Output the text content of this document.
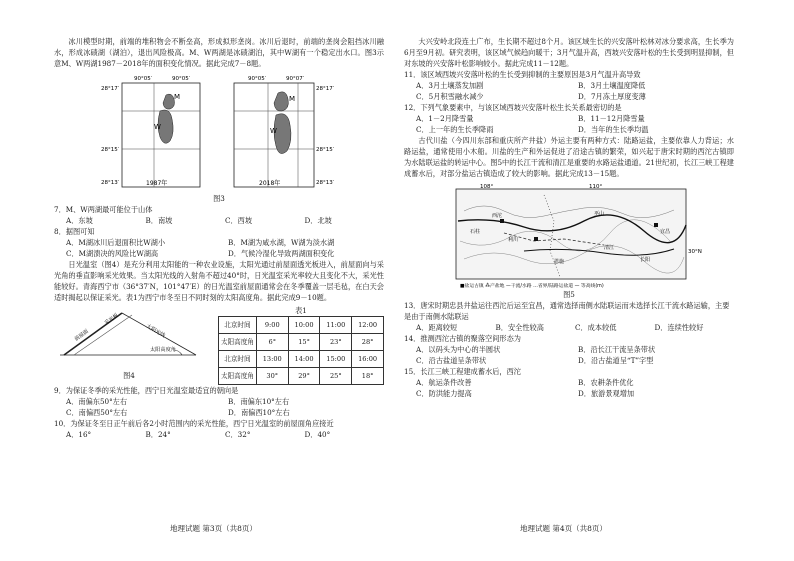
冰川模型时期，前端的堆积物会不断垒高，形成拟形垄岗。冰川后退时，前端的垄岗会阻挡冰川融水，形成冰碛湖（湖泊），退出风险极高。M、W两湖是冰碛湖泊，其中W湖有一个稳定出水口。图3示意M、W两湖1987－2018年的面积变化情况。据此完成7－8题。

M
W
90°05′	90°05′
28°17′
28°15′
28°13′	1987年
M
W
90°05′	90°07′
28°17′
28°15′
28°13′
2018年

图3

7．M、W两湖最可能位于山体

A．东坡	B．南坡	C．西坡	D．北坡

8．据图可知

A．M湖冰川后退面积比W湖小	B．M湖为咸水湖，W湖为淡水湖
C．M湖溃决的风险比W湖高	D．气候冷湿化导致两湖面积变化

日光温室（图4）是充分利用太阳能的一种农业设施，太阳光通过前屋面透光板进入，前屋面向与采光角的垂直影响采光效果。当太阳光线的入射角不超过40°时，日光温室采光率较大且变化不大，采光性能较好。青海西宁市（36°37′N，101°47′E）的日光温室前屋面通常会在冬季覆盖一层毛毡，在白天会适时揭起以保证采光。表1为西宁市冬至日不同时刻的太阳高度角。据此完成9－10题。

前屋面
采光板
太阳光线
太阳高度角

图4

表1

北京时间	9:00	10:00	11:00	12:00
太阳高度角	6°	15°	23°	28°
北京时间	13:00	14:00	15:00	16:00
太阳高度角	30°	29°	25°	18°

9．为保证冬季的采光性能，西宁日光温室最适宜的朝向是

A．南偏东50°左右	B．南偏东10°左右
C．南偏西50°左右	D．南偏西10°左右

10．为保证冬至日正午前后各2小时范围内的采光性能，西宁日光温室的前屋面角应接近

A．16°	B．24°	C．32°	D．40°
地理试题 第3页（共8页）

大兴安岭北段连土广布，生长期不超过8个月。该区域生长的兴安落叶松林对冰分要求高，生长季为6月至9月初。研究表明，该区域气候趋向暖干；3月气温升高，西坡兴安落叶松的生长受到明显抑制，但对东坡的兴安落叶松影响较小。据此完成11－12题。

11．该区域西坡兴安落叶松的生长受到抑制的主要原因是3月气温升高导致

A．3月土壤蒸发加剧	B．3月土壤温度降低
C．5月积雪融水减少	D．7月冻土厚度变薄

12．下列气象要素中，与该区域西坡兴安落叶松生长关系最密切的是

A．1－2月降雪量	B．11－12月降雪量
C．上一年的生长季降雨	D．当年的生长季均温

古代川盐（今四川东部和重庆所产井盐）外运主要有两种方式：陆路运盐，主要依靠人力背运；水路运盐，通常使用小木船。川盐的生产和外运促进了沿途古镇的繁荣，如兴起于唐宋时期的西沱古镇即为水陆联运盐的转运中心。图5中的长江干流和清江是重要的水路运盐通道。21世纪初，长江三峡工程建成蓄水后，对部分盐运古镇造成了较大的影响。据此完成13－15题。

108°	110°
30°N
利川
西沱
石柱
恩施
巫山
宜昌
长阳
清江
■盐运古镇 ⁂产盐地 —干流/水路 …省界/陆路运盐道 — 等高线(m)

图5

13．唐宋时期忠县井盐运往西沱后运至宜昌，通常选择南侧水陆联运而未选择长江干流水路运输，主要是由于南侧水陆联运

A．距离较短	B．安全性较高	C．成本较低	D．连续性较好

14．推测西沱古镇的聚落空间形态为

A．以码头为中心的半圆状	B．沿长江干流呈条带状
C．沿古盐道呈条带状	D．沿古盐道呈“T”字型

15．长江三峡工程建成蓄水后，西沱

A．航运条件改善	B．农耕条件优化
C．防洪能力提高	D．旅游景观增加
地理试题 第4页（共8页）
